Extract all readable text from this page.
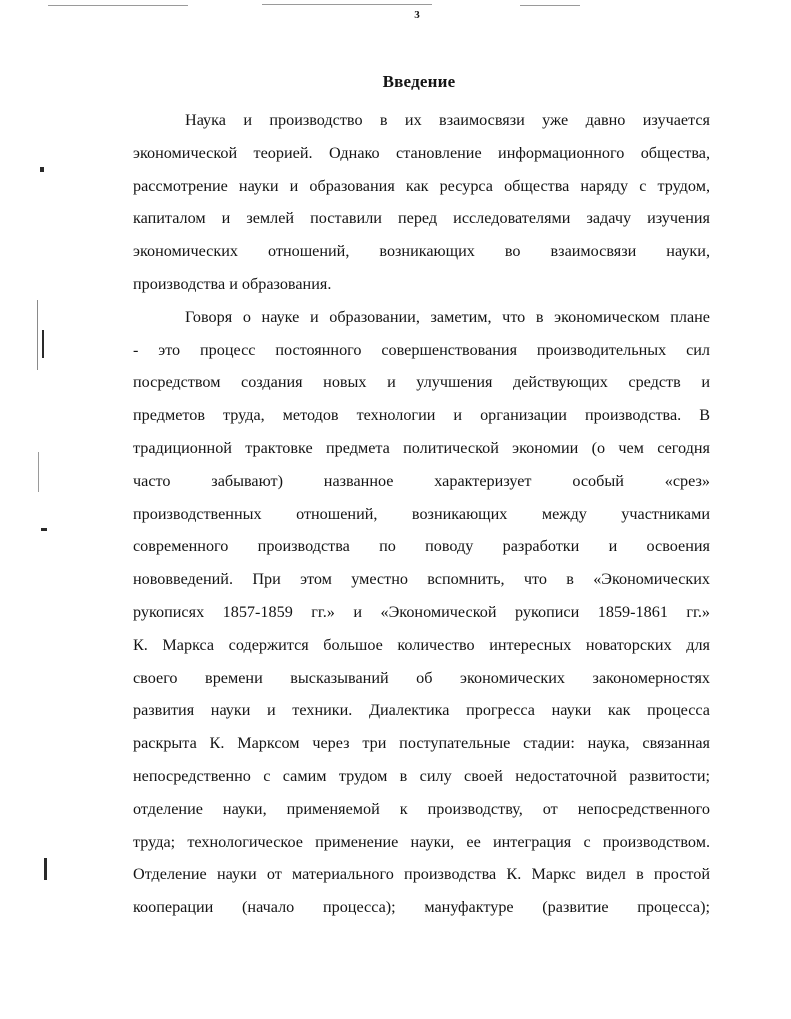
3
Введение
Наука и производство в их взаимосвязи уже давно изучается
экономической теорией. Однако становление информационного общества,
рассмотрение науки и образования как ресурса общества наряду с трудом,
капиталом и землей поставили перед исследователями задачу изучения
экономических отношений, возникающих во взаимосвязи науки,
производства и образования.
Говоря о науке и образовании, заметим, что в экономическом плане
- это процесс постоянного совершенствования производительных сил
посредством создания новых и улучшения действующих средств и
предметов труда, методов технологии и организации производства. В
традиционной трактовке предмета политической экономии (о чем сегодня
часто забывают) названное характеризует особый «срез»
производственных отношений, возникающих между участниками
современного производства по поводу разработки и освоения
нововведений. При этом уместно вспомнить, что в «Экономических
рукописях 1857-1859 гг.» и «Экономической рукописи 1859-1861 гг.»
К. Маркса содержится большое количество интересных новаторских для
своего времени высказываний об экономических закономерностях
развития науки и техники. Диалектика прогресса науки как процесса
раскрыта К. Марксом через три поступательные стадии: наука, связанная
непосредственно с самим трудом в силу своей недостаточной развитости;
отделение науки, применяемой к производству, от непосредственного
труда; технологическое применение науки, ее интеграция с производством.
Отделение науки от материального производства К. Маркс видел в простой
кооперации (начало процесса); мануфактуре (развитие процесса);
